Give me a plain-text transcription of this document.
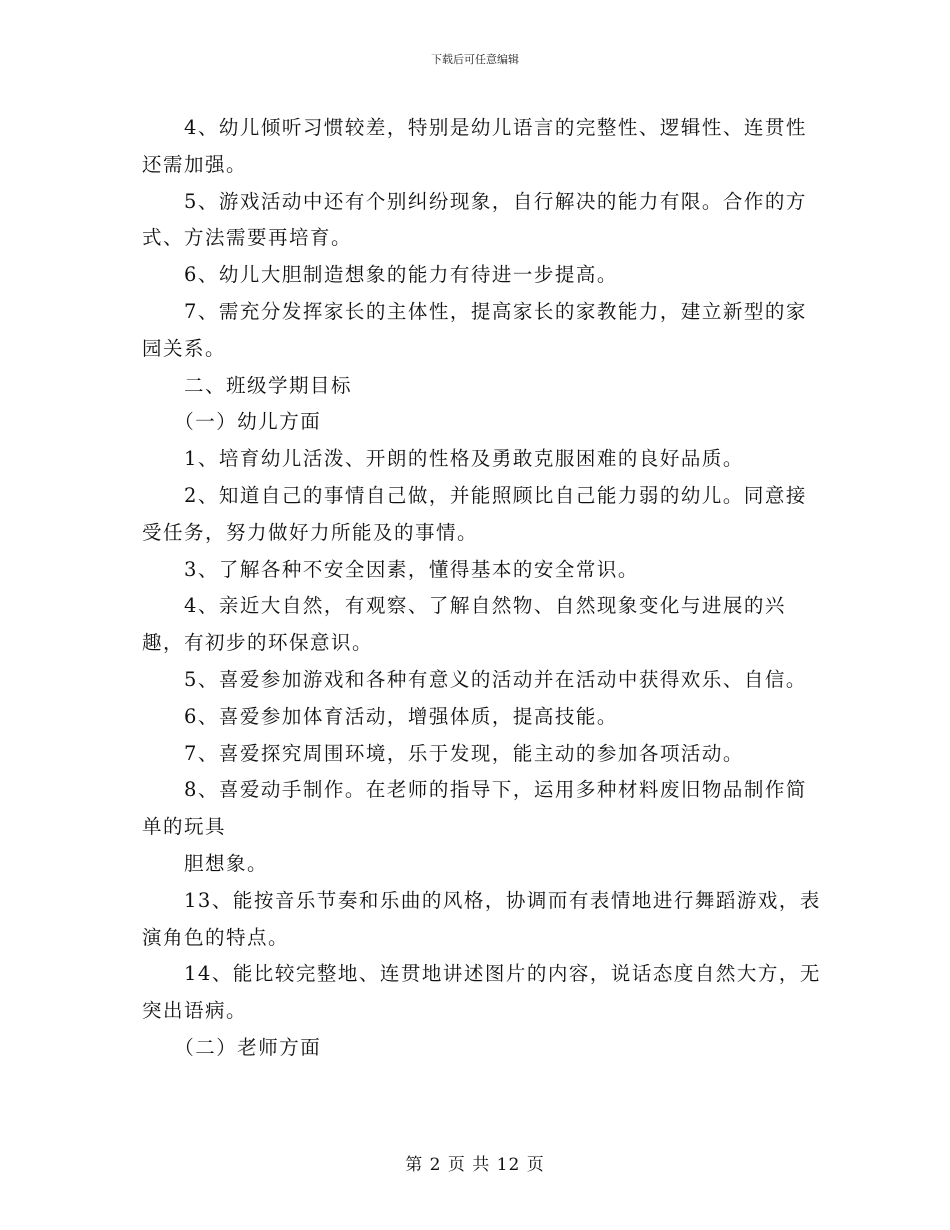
下载后可任意编辑

　　4、幼儿倾听习惯较差，特别是幼儿语言的完整性、逻辑性、连贯性还需加强。

　　5、游戏活动中还有个别纠纷现象，自行解决的能力有限。合作的方式、方法需要再培育。

　　6、幼儿大胆制造想象的能力有待进一步提高。

　　7、需充分发挥家长的主体性，提高家长的家教能力，建立新型的家园关系。

　　二、班级学期目标

　　（一）幼儿方面

　　1、培育幼儿活泼、开朗的性格及勇敢克服困难的良好品质。

　　2、知道自己的事情自己做，并能照顾比自己能力弱的幼儿。同意接受任务，努力做好力所能及的事情。

　　3、了解各种不安全因素，懂得基本的安全常识。

　　4、亲近大自然，有观察、了解自然物、自然现象变化与进展的兴趣，有初步的环保意识。

　　5、喜爱参加游戏和各种有意义的活动并在活动中获得欢乐、自信。

　　6、喜爱参加体育活动，增强体质，提高技能。

　　7、喜爱探究周围环境，乐于发现，能主动的参加各项活动。

　　8、喜爱动手制作。在老师的指导下，运用多种材料废旧物品制作简单的玩具

　　胆想象。

　　13、能按音乐节奏和乐曲的风格，协调而有表情地进行舞蹈游戏，表演角色的特点。

　　14、能比较完整地、连贯地讲述图片的内容，说话态度自然大方，无突出语病。

　　（二）老师方面

第 2 页 共 12 页
